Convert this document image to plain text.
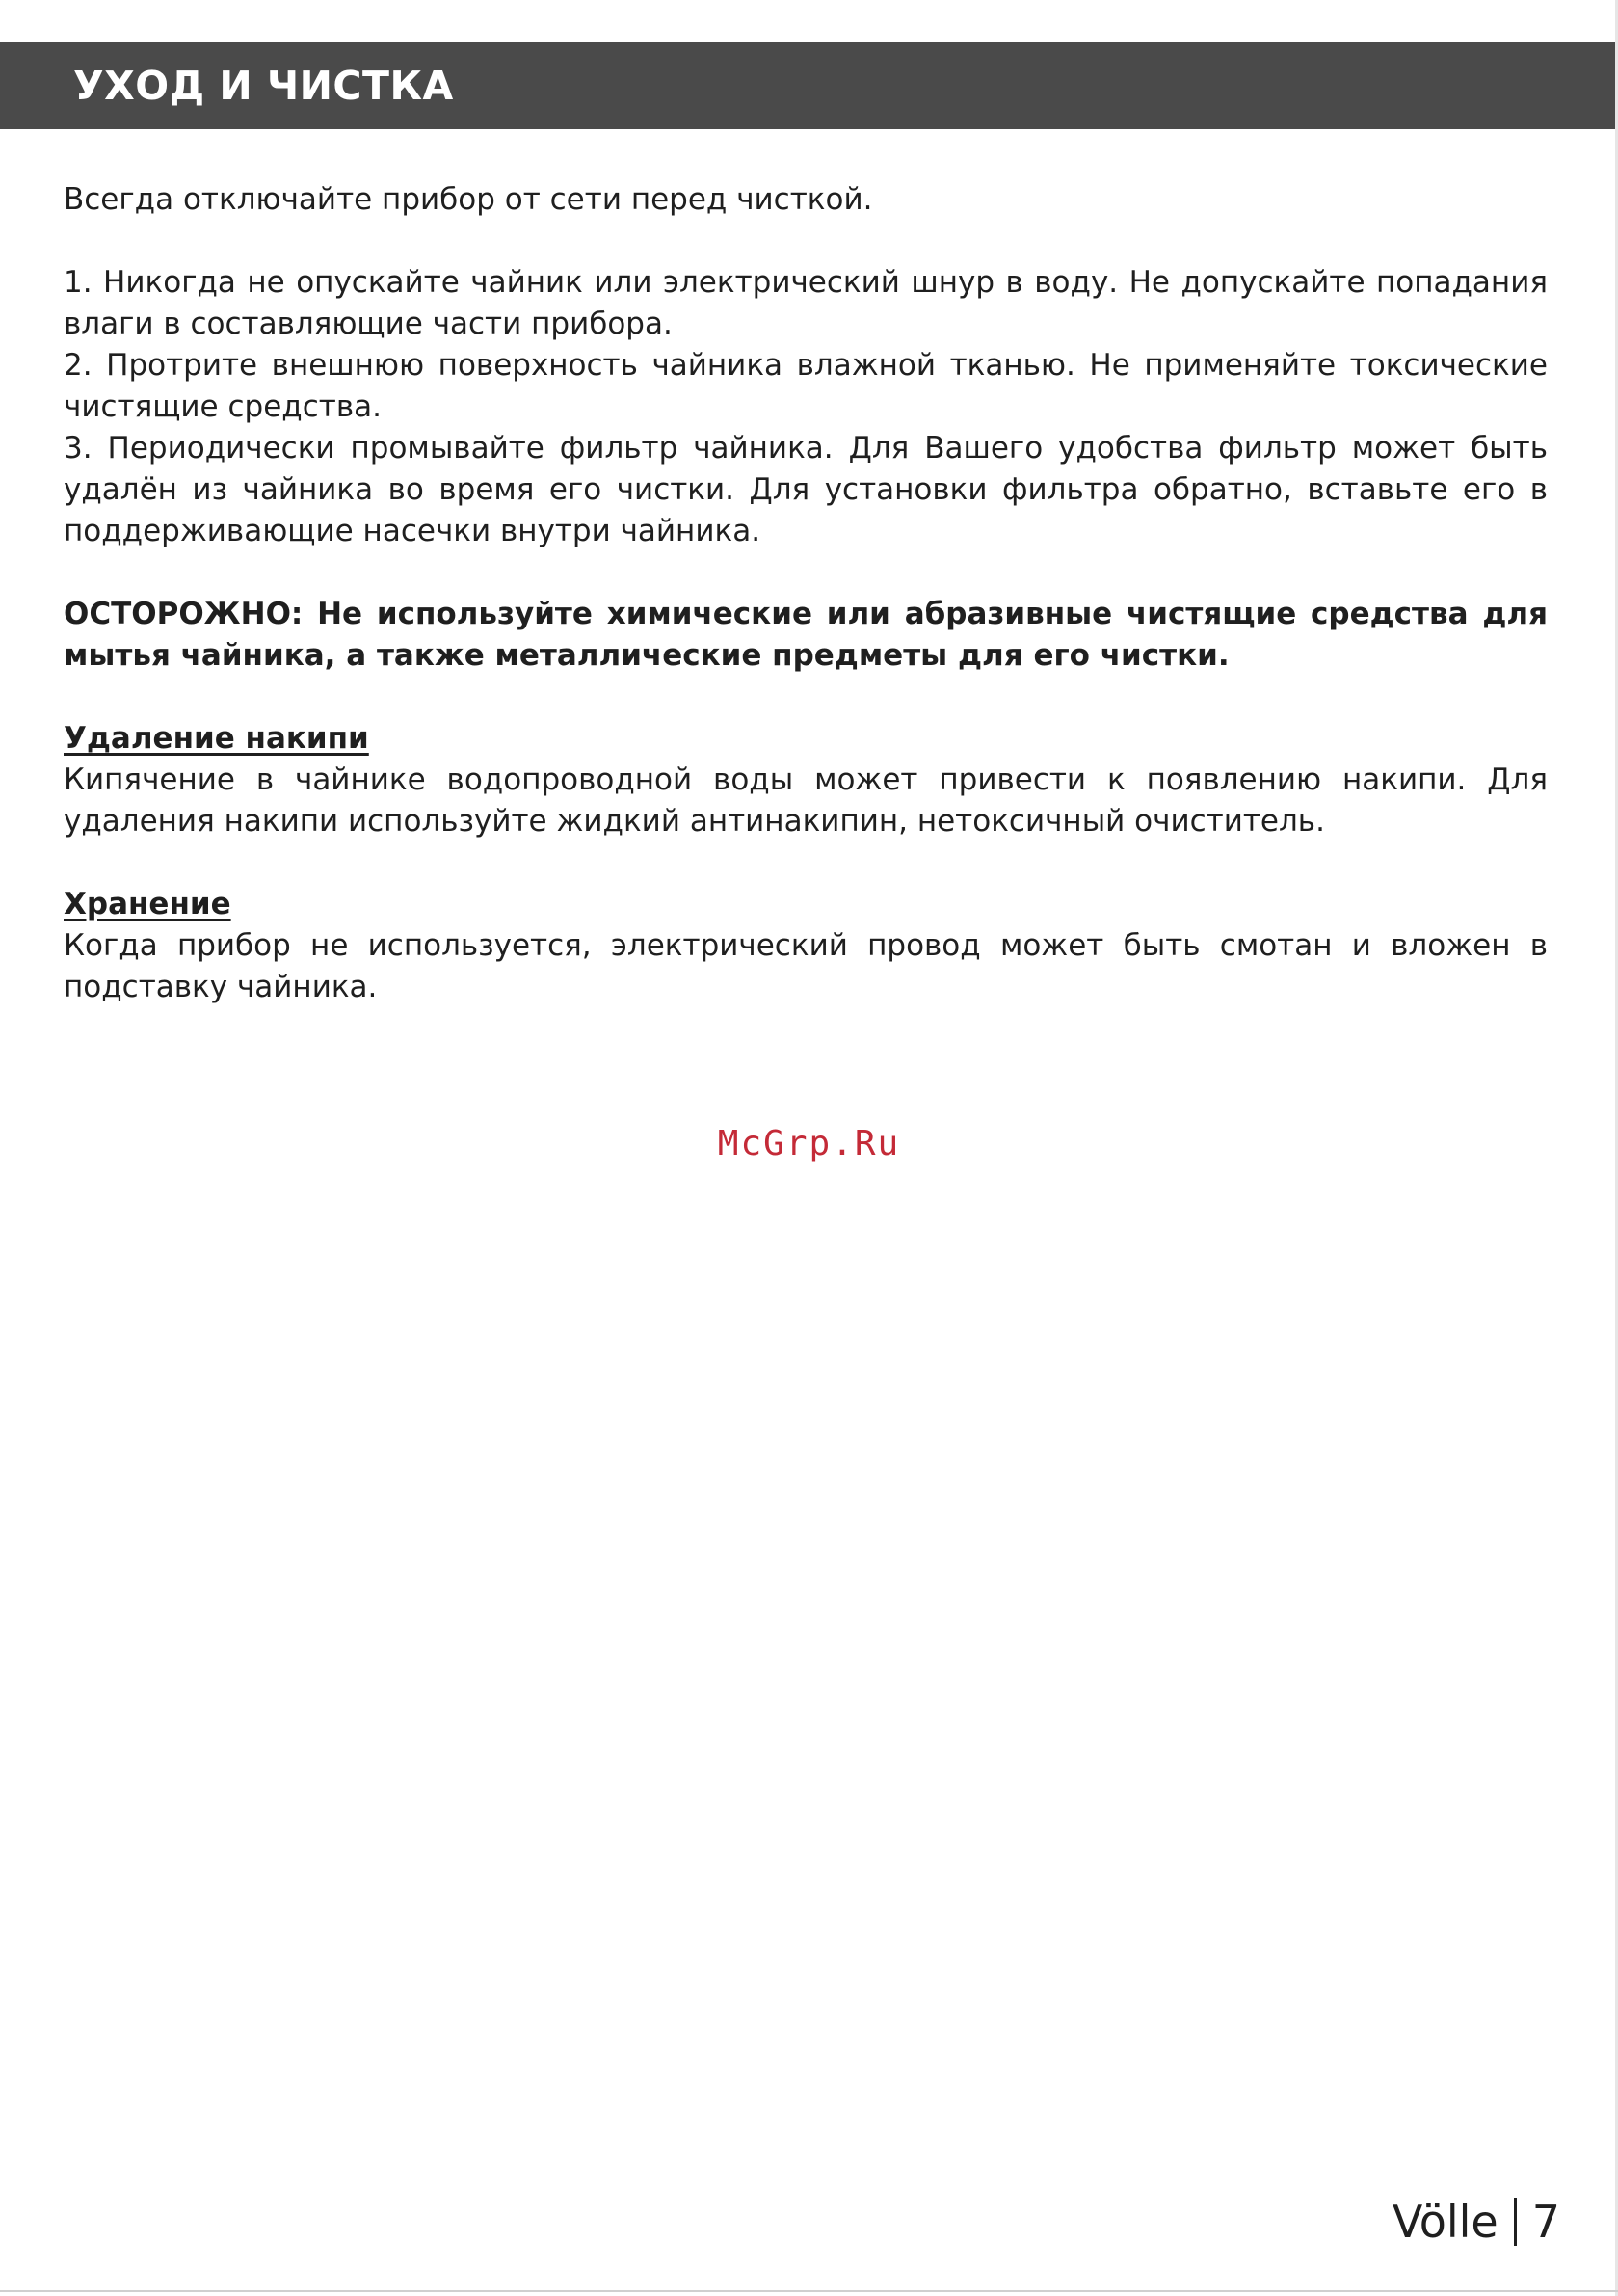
УХОД И ЧИСТКА

Всегда отключайте прибор от сети перед чисткой.

1. Никогда не опускайте чайник или электрический шнур в воду. Не допускайте попадания влаги в составляющие части прибора.

2. Протрите внешнюю поверхность чайника влажной тканью. Не применяйте токсические чистящие средства.

3. Периодически промывайте фильтр чайника. Для Вашего удобства фильтр может быть удалён из чайника во время его чистки. Для установки фильтра обратно, вставьте его в поддерживающие насечки внутри чайника.

ОСТОРОЖНО: Не используйте химические или абразивные чистящие средства для мытья чайника, а также металлические предметы для его чистки.

Удаление накипи

Кипячение в чайнике водопроводной воды может привести к появлению накипи. Для удаления накипи используйте жидкий антинакипин, нетоксичный очиститель.

Хранение

Когда прибор не используется, электрический провод может быть смотан и вложен в подставку чайника.

McGrp.Ru
Völle 7
